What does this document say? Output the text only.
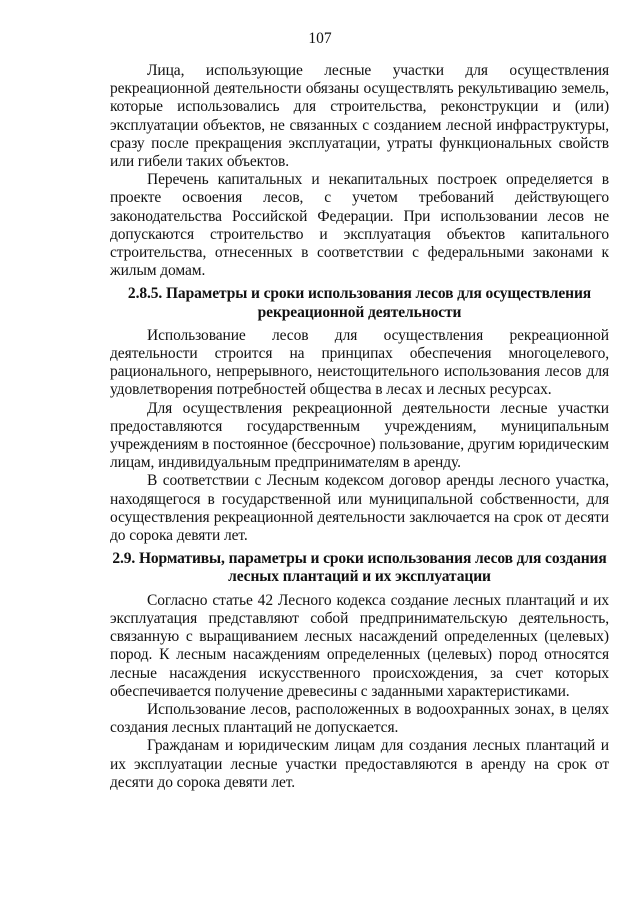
107

Лица, использующие лесные участки для осуществления рекреационной деятельности обязаны осуществлять рекультивацию земель, которые использовались для строительства, реконструкции и (или) эксплуатации объектов, не связанных с созданием лесной инфраструктуры, сразу после прекращения эксплуатации, утраты функциональных свойств или гибели таких объектов.

Перечень капитальных и некапитальных построек определяется в проекте освоения лесов, с учетом требований действующего законодательства Российской Федерации. При использовании лесов не допускаются строительство и эксплуатация объектов капитального строительства, отнесенных в соответствии с федеральными законами к жилым домам.

2.8.5. Параметры и сроки использования лесов для осуществления рекреационной деятельности

Использование лесов для осуществления рекреационной деятельности строится на принципах обеспечения многоцелевого, рационального, непрерывного, неистощительного использования лесов для удовлетворения потребностей общества в лесах и лесных ресурсах.

Для осуществления рекреационной деятельности лесные участки предоставляются государственным учреждениям, муниципальным учреждениям в постоянное (бессрочное) пользование, другим юридическим лицам, индивидуальным предпринимателям в аренду.

В соответствии с Лесным кодексом договор аренды лесного участка, находящегося в государственной или муниципальной собственности, для осуществления рекреационной деятельности заключается на срок от десяти до сорока девяти лет.

2.9. Нормативы, параметры и сроки использования лесов для создания лесных плантаций и их эксплуатации

Согласно статье 42 Лесного кодекса создание лесных плантаций и их эксплуатация представляют собой предпринимательскую деятельность, связанную с выращиванием лесных насаждений определенных (целевых) пород. К лесным насаждениям определенных (целевых) пород относятся лесные насаждения искусственного происхождения, за счет которых обеспечивается получение древесины с заданными характеристиками.

Использование лесов, расположенных в водоохранных зонах, в целях создания лесных плантаций не допускается.

Гражданам и юридическим лицам для создания лесных плантаций и их эксплуатации лесные участки предоставляются в аренду на срок от десяти до сорока девяти лет.
